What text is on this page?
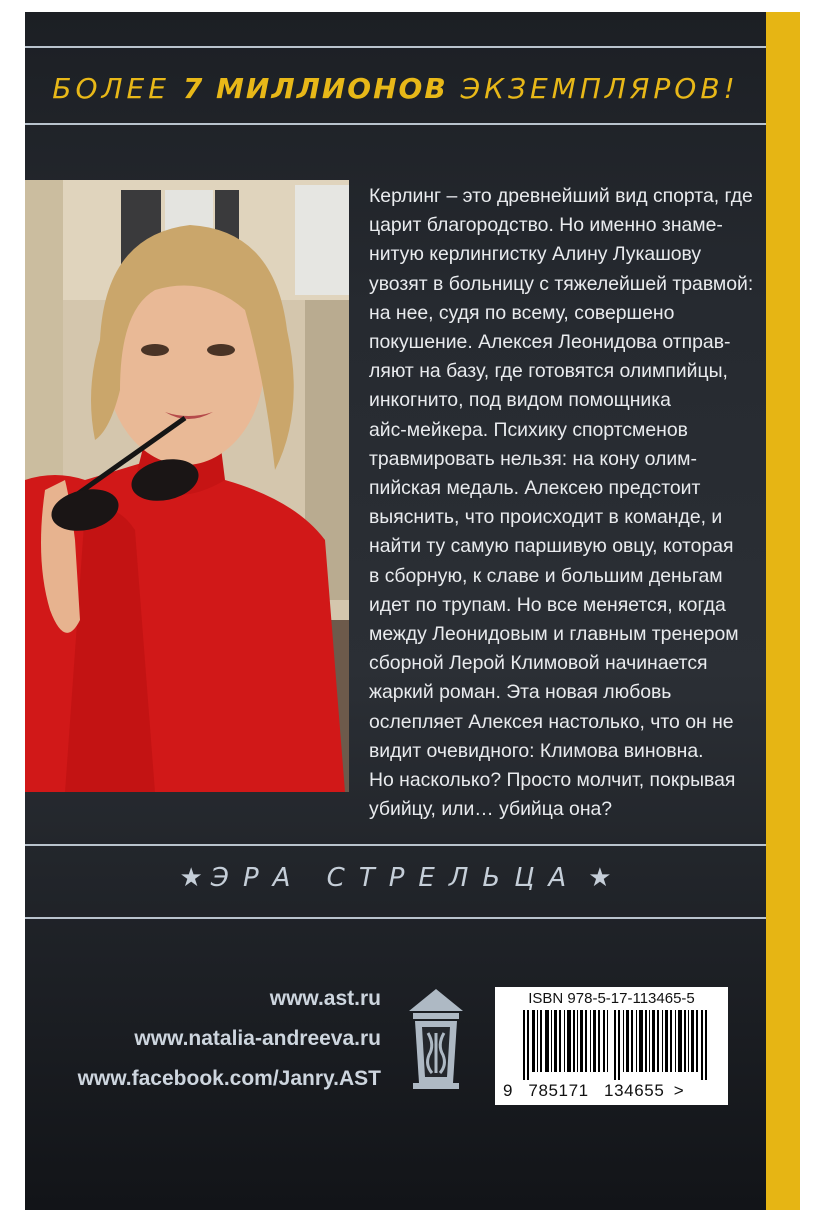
БОЛЕЕ 7 МИЛЛИОНОВ ЭКЗЕМПЛЯРОВ!
Керлинг – это древнейший вид спорта, где
царит благородство. Но именно знаме-
нитую керлингистку Алину Лукашову
увозят в больницу с тяжелейшей травмой:
на нее, судя по всему, совершено
покушение. Алексея Леонидова отправ-
ляют на базу, где готовятся олимпийцы,
инкогнито, под видом помощника
айс-мейкера. Психику спортсменов
травмировать нельзя: на кону олим-
пийская медаль. Алексею предстоит
выяснить, что происходит в команде, и
найти ту самую паршивую овцу, которая
в сборную, к славе и большим деньгам
идет по трупам. Но все меняется, когда
между Леонидовым и главным тренером
сборной Лерой Климовой начинается
жаркий роман. Эта новая любовь
ослепляет Алексея настолько, что он не
видит очевидного: Климова виновна.
Но насколько? Просто молчит, покрывая
убийцу, или… убийца она?
★ ЭРА СТРЕЛЬЦА ★
www.ast.ru
www.natalia-andreeva.ru
www.facebook.com/Janry.AST
ISBN 978-5-17-113465-5
9 785171 134655 >
